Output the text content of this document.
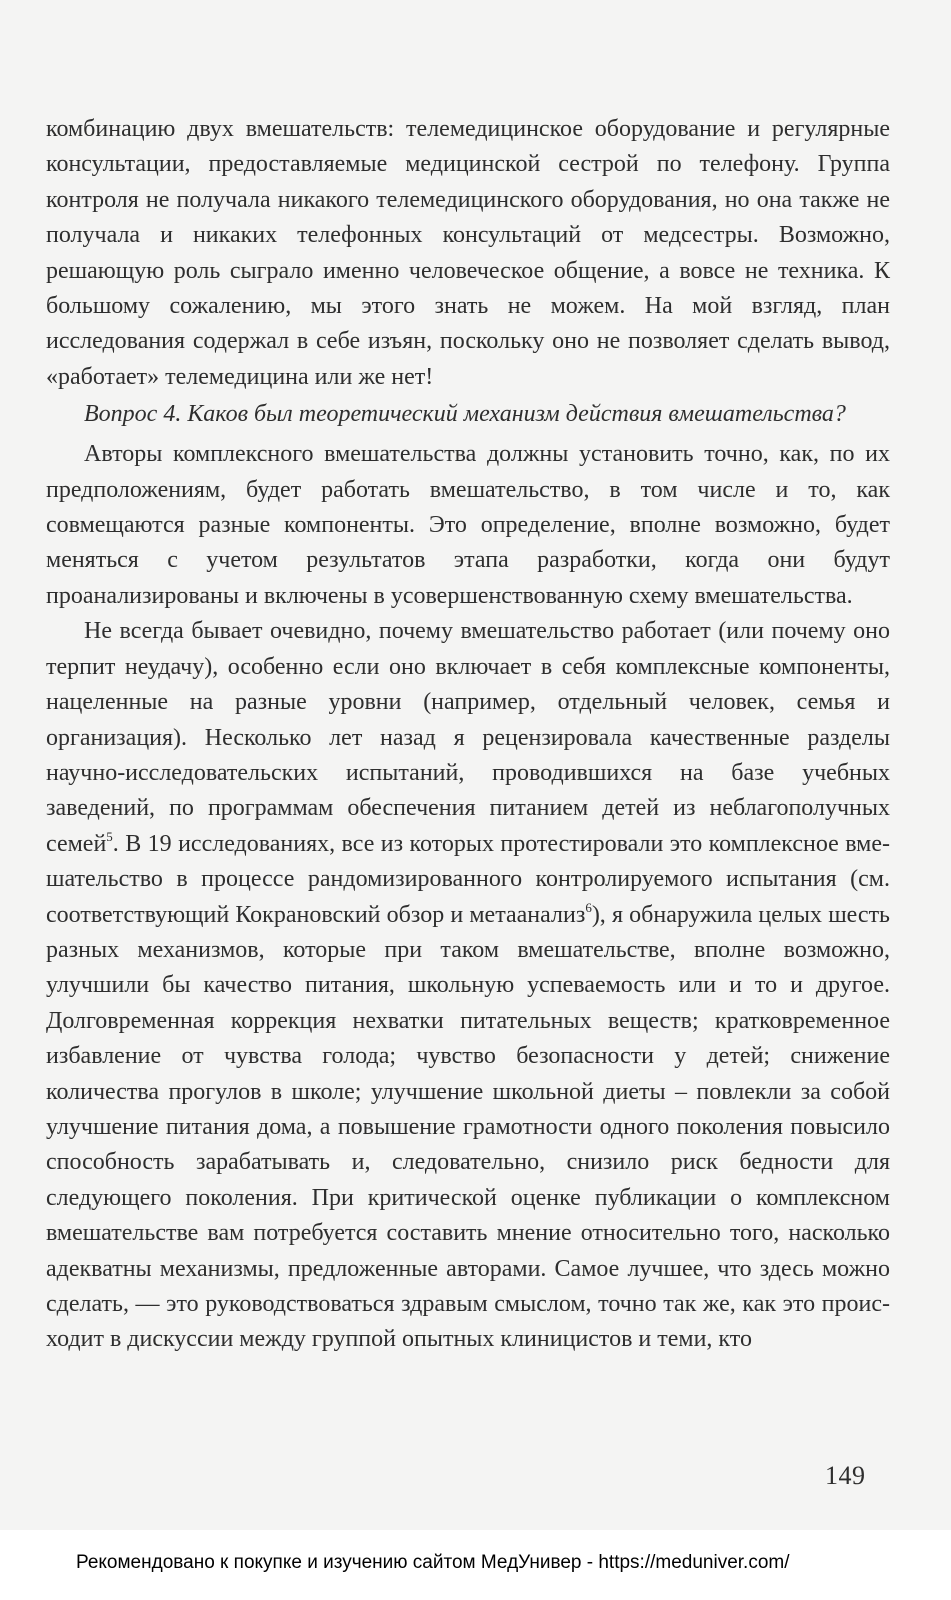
комбинацию двух вмешательств: телемедицинское оборудование и регулярные консультации, предоставляемые медицинской сестрой по телефону. Группа контроля не получала никакого телемедицинского оборудования, но она также не получала и никаких телефонных консультаций от медсестры. Возможно, решающую роль сыграло именно человеческое общение, а вовсе не техника. К большому сожалению, мы этого знать не можем. На мой взгляд, план исследования содержал в себе изъян, поскольку оно не позволяет сделать вывод, «работает» телемедицина или же нет!

Вопрос 4. Каков был теоретический механизм действия вмешательства?

Авторы комплексного вмешательства должны установить точно, как, по их предположениям, будет работать вмешательство, в том числе и то, как совмещаются разные компоненты. Это определение, вполне возможно, будет меняться с учетом результатов этапа разработки, когда они будут проанализированы и включены в усовершенствованную схему вмешательства.

Не всегда бывает очевидно, почему вмешательство работает (или почему оно терпит неудачу), особенно если оно включает в себя комплексные компоненты, нацеленные на разные уровни (например, отдельный человек, семья и организация). Несколько лет назад я рецензировала качественные разделы научно-исследовательских испытаний, проводившихся на базе учебных заведений, по программам обеспечения питанием детей из неблагополучных семей$^5$. В 19 исследованиях, все из которых протестировали это комплексное вмешательство в процессе рандомизированного контролируемого испытания (см. соответствующий Кокрановский обзор и метаанализ$^6$), я обнаружила целых шесть разных механизмов, которые при таком вмешательстве, вполне возможно, улучшили бы качество питания, школьную успеваемость или и то и другое. Долговременная коррекция нехватки питательных веществ; кратковременное избавление от чувства голода; чувство безопасности у детей; снижение количества прогулов в школе; улучшение школьной диеты – повлекли за собой улучшение питания дома, а повышение грамотности одного поколения повысило способность зарабатывать и, следовательно, снизило риск бедности для следующего поколения. При критической оценке публикации о комплексном вмешательстве вам потребуется составить мнение относительно того, насколько адекватны механизмы, предложенные авторами. Самое лучшее, что здесь можно сделать, — это руководствоваться здравым смыслом, точно так же, как это происходит в дискуссии между группой опытных клиницистов и теми, кто

149
Рекомендовано к покупке и изучению сайтом МедУнивер - https://meduniver.com/
